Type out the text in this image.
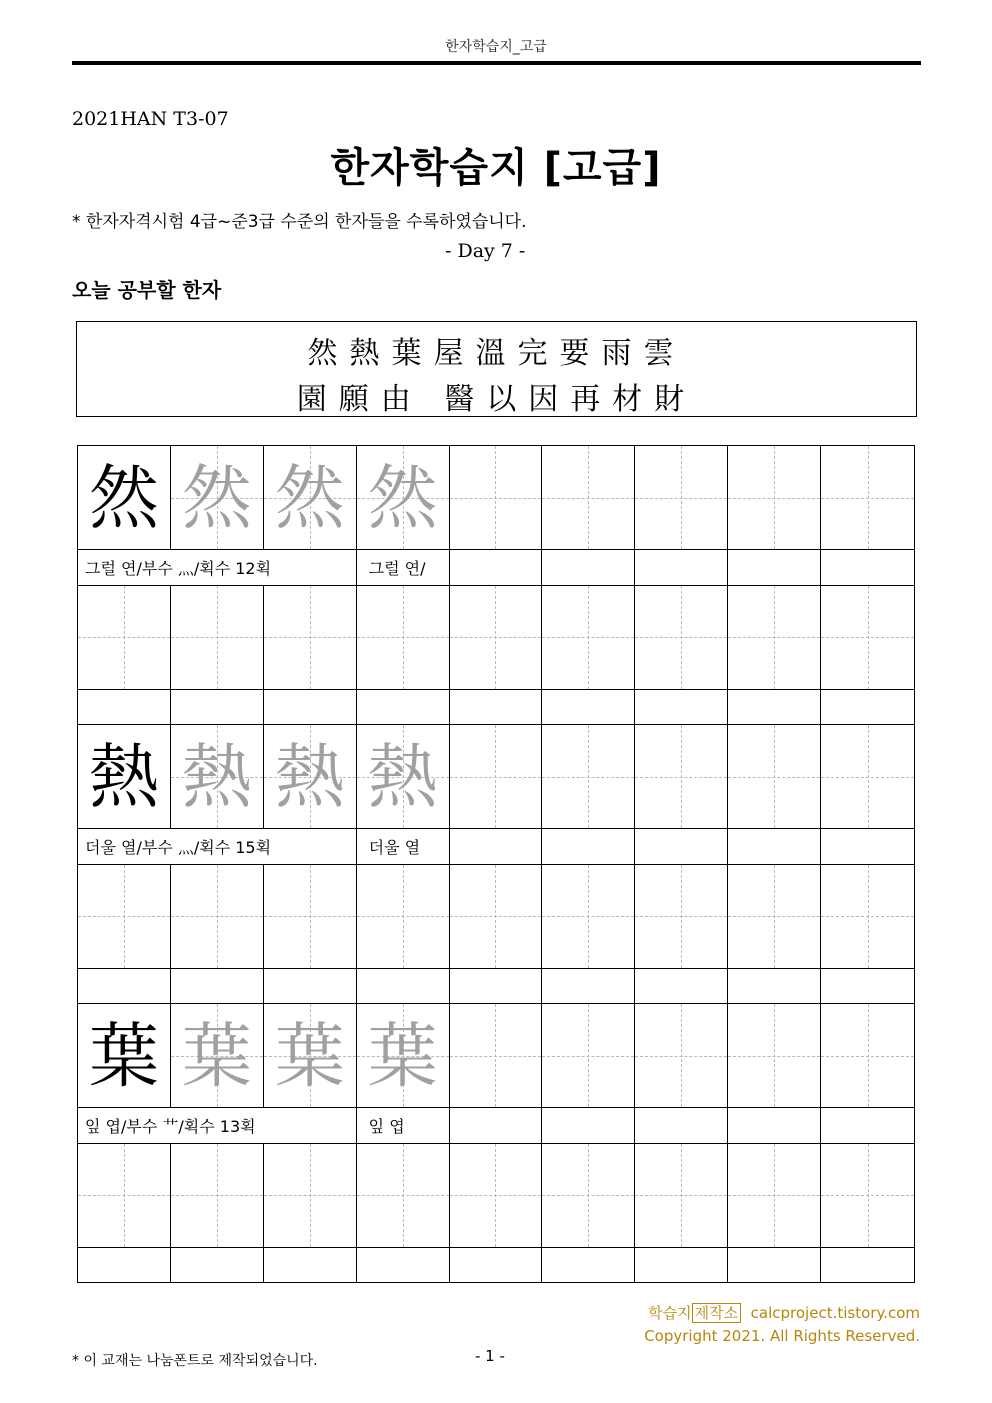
한자학습지_고급
2021HAN T3-07
한자학습지 [고급]
* 한자자격시험 4급~준3급 수준의 한자들을 수록하였습니다.
- Day 7 -
오늘 공부할 한자
然熱葉屋溫完要雨雲
園願由 醫以因再材財
然 然 然 然
그럴 연/부수 灬/획수 12획	그럴 연/
熱 熱 熱 熱
더울 열/부수 灬/획수 15획	더울 열
葉 葉 葉 葉
잎 엽/부수 艹/획수 13획	잎 엽
학습지 제작소 calcproject.tistory.com
Copyright 2021. All Rights Reserved.
* 이 교재는 나눔폰트로 제작되었습니다.	- 1 -
